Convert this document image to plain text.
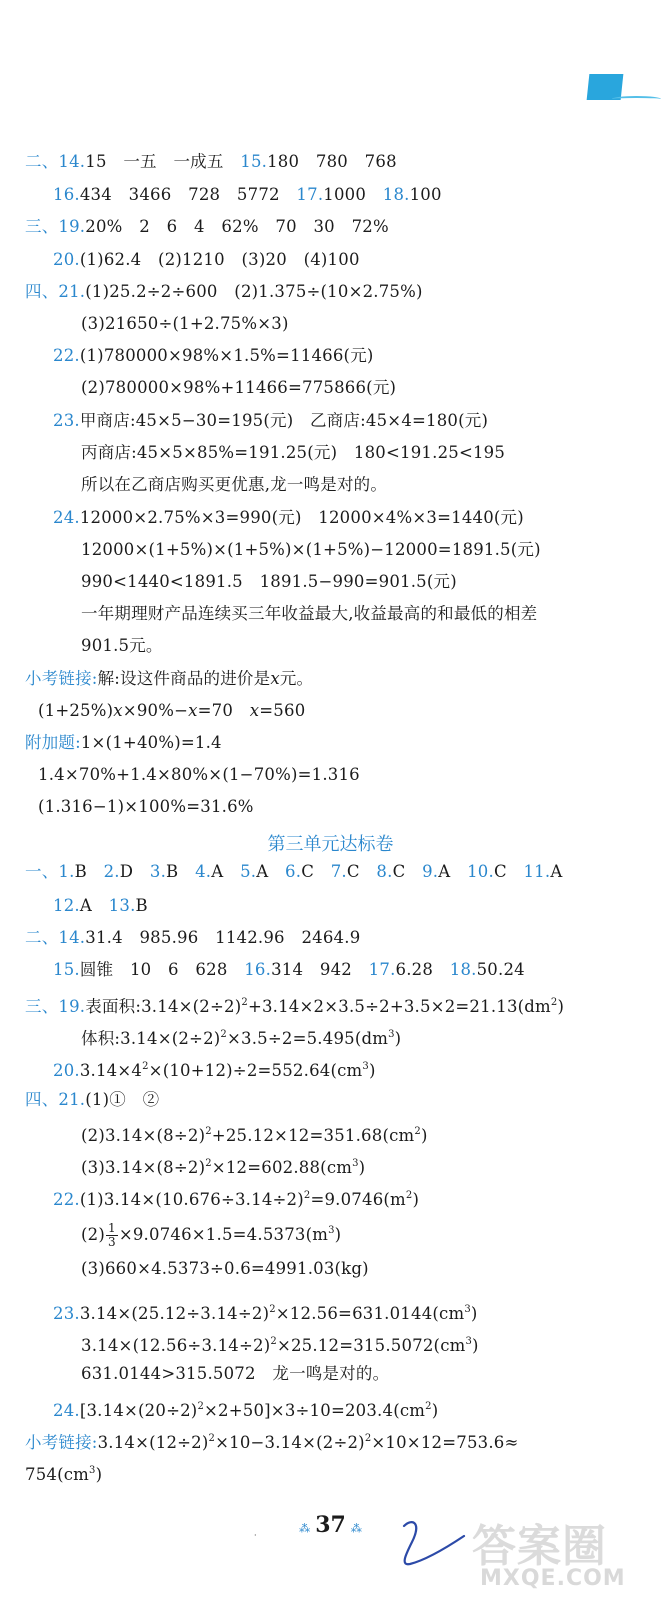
二、14.15　一五　一成五　15.180　780　768
16.434　3466　728　5772　17.1000　18.100
三、19.20%　2　6　4　62%　70　30　72%
20.(1)62.4　(2)1210　(3)20　(4)100
四、21.(1)25.2÷2÷600　(2)1.375÷(10×2.75%)
(3)21650÷(1+2.75%×3)
22.(1)780000×98%×1.5%=11466(元)
(2)780000×98%+11466=775866(元)
23.甲商店:45×5−30=195(元)　乙商店:45×4=180(元)
丙商店:45×5×85%=191.25(元)　180<191.25<195
所以在乙商店购买更优惠,龙一鸣是对的。
24.12000×2.75%×3=990(元)　12000×4%×3=1440(元)
12000×(1+5%)×(1+5%)×(1+5%)−12000=1891.5(元)
990<1440<1891.5　1891.5−990=901.5(元)
一年期理财产品连续买三年收益最大,收益最高的和最低的相差
901.5元。
小考链接:解:设这件商品的进价是x元。
(1+25%)x×90%−x=70　x=560
附加题:1×(1+40%)=1.4
1.4×70%+1.4×80%×(1−70%)=1.316
(1.316−1)×100%=31.6%
第三单元达标卷
一、1.B　2.D　3.B　4.A　5.A　6.C　7.C　8.C　9.A　10.C　11.A
12.A　13.B
二、14.31.4　985.96　1142.96　2464.9
15.圆锥　10　6　628　16.314　942　17.6.28　18.50.24
三、19.表面积$:3.14\times(2\div 2)^2+3.14\times 2\times 3.5\div 2+3.5\times 2=21.13(dm^2)$
体积$:3.14\times(2\div 2)^2\times 3.5\div 2=5.495(dm^3)$
$20.3.14\times 4^2\times(10+12)\div 2=552.64(cm^3)$
四、21.(1)①　②
$(2)3.14\times(8\div 2)^2+25.12\times 12=351.68(cm^2)$
$(3)3.14\times(8\div 2)^2\times 12=602.88(cm^3)$
$22.(1)3.14\times(10.676\div 3.14\div 2)^2=9.0746(m^2)$
$(2) \frac{1}{3} \times 9.0746\times 1.5=4.5373(m^3)$
(3)660×4.5373÷0.6=4991.03(kg)
$23.3.14\times(25.12\div 3.14\div 2)^2\times 12.56=631.0144(cm^3)$
$3.14\times(12.56\div 3.14\div 2)^2\times 25.12=315.5072(cm^3)$
631.0144>315.5072　龙一鸣是对的。
$24.[3.14\times(20\div 2)^2\times 2+50]\times 3\div 10=203.4(cm^2)$
小考链接$:3.14\times(12\div 2)^2\times 10-3.14\times(2\div 2)^2\times 10\times 12=753.6\approx$
$754(cm^3)$
·
⁂ 37 ⁂	答案圈
MXQE.COM
